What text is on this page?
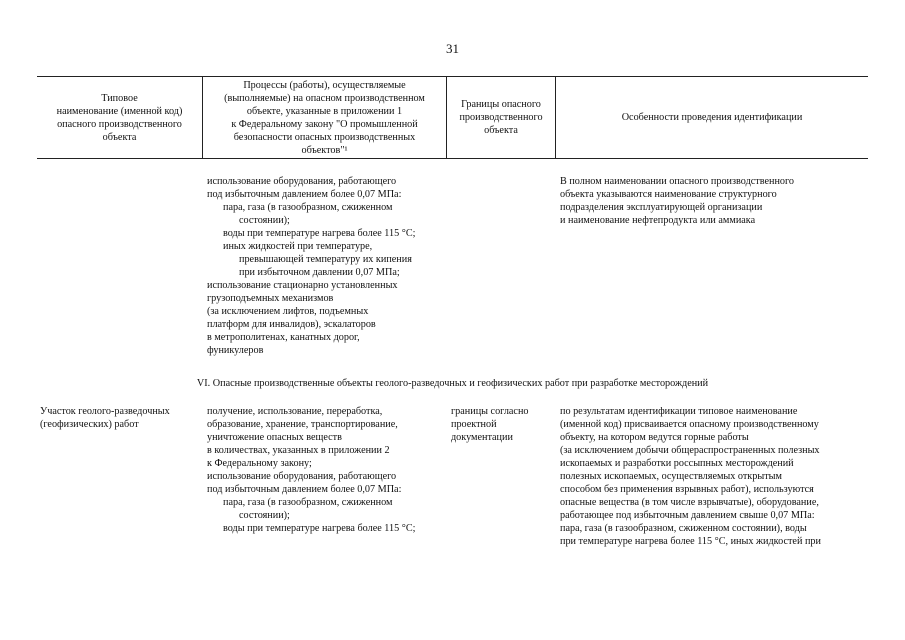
31
Типовое
наименование (именной код)
опасного производственного
объекта
Процессы (работы), осуществляемые
(выполняемые) на опасном производственном
объекте, указанные в приложении 1
к Федеральному закону "О промышленной
безопасности опасных производственных
объектов"¹
Границы опасного
производственного
объекта
Особенности проведения идентификации
использование оборудования, работающего
под избыточным давлением более 0,07 МПа:
пара, газа (в газообразном, сжиженном
состоянии);
воды при температуре нагрева более 115 °С;
иных жидкостей при температуре,
превышающей температуру их кипения
при избыточном давлении 0,07 МПа;
использование стационарно установленных
грузоподъемных механизмов
(за исключением лифтов, подъемных
платформ для инвалидов), эскалаторов
в метрополитенах, канатных дорог,
фуникулеров
В полном наименовании опасного производственного
объекта указываются наименование структурного
подразделения эксплуатирующей организации
и наименование нефтепродукта или аммиака
VI. Опасные производственные объекты геолого-разведочных и геофизических работ при разработке месторождений
Участок геолого-разведочных
(геофизических) работ
получение, использование, переработка,
образование, хранение, транспортирование,
уничтожение опасных веществ
в количествах, указанных в приложении 2
к Федеральному закону;
использование оборудования, работающего
под избыточным давлением более 0,07 МПа:
пара, газа (в газообразном, сжиженном
состоянии);
воды при температуре нагрева более 115 °С;
границы согласно
проектной
документации
по результатам идентификации типовое наименование
(именной код) присваивается опасному производственному
объекту, на котором ведутся горные работы
(за исключением добычи общераспространенных полезных
ископаемых и разработки россыпных месторождений
полезных ископаемых, осуществляемых открытым
способом без применения взрывных работ), используются
опасные вещества (в том числе взрывчатые), оборудование,
работающее под избыточным давлением свыше 0,07 МПа:
пара, газа (в газообразном, сжиженном состоянии), воды
при температуре нагрева более 115 °С, иных жидкостей при
